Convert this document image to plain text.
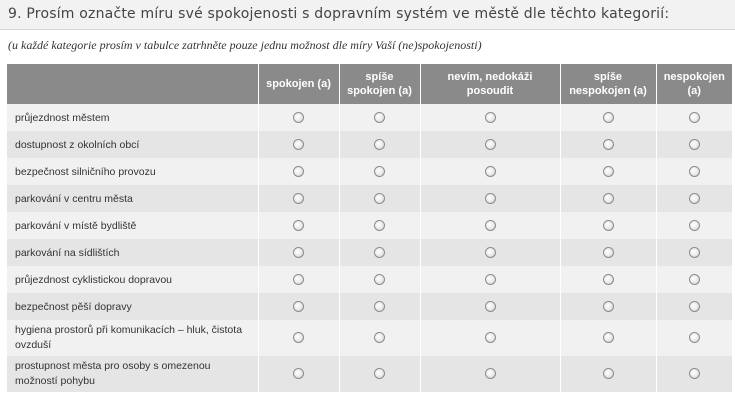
9. Prosím označte míru své spokojenosti s dopravním systém ve městě dle těchto kategorií:
(u každé kategorie prosím v tabulce zatrhněte pouze jednu možnost dle míry Vaší (ne)spokojenosti)
	spokojen (a)	spíše spokojen (a)	nevím, nedokáži posoudit	spíše nespokojen (a)	nespokojen (a)
průjezdnost městem					
dostupnost z okolních obcí					
bezpečnost silničního provozu					
parkování v centru města					
parkování v místě bydliště					
parkování na sídlištích					
průjezdnost cyklistickou dopravou					
bezpečnost pěší dopravy					
hygiena prostorů při komunikacích – hluk, čistota ovzduší					
prostupnost města pro osoby s omezenou možností pohybu					
